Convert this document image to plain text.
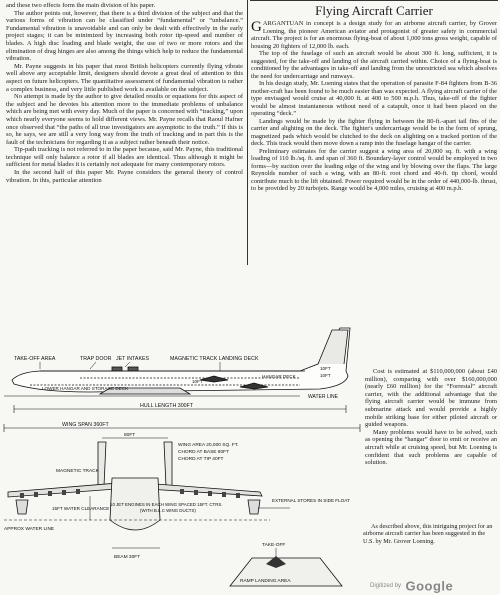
and these two effects form the main division of his paper.

The author points out, however, that there is a third division of the subject and that the various forms of vibration can be classified under “fundamental” or “unbalance.” Fundamental vibration is unavoidable and can only be dealt with effectively in the early project stages; it can be minimized by increasing both rotor tip-speed and number of blades. A high disc loading and blade weight, the use of two or more rotors and the elimination of drag hinges are also among the things which help to reduce the fundamental vibration.

Mr. Payne suggests in his paper that most British helicopters currently flying vibrate well above any acceptable limit, designers should devote a great deal of attention to this aspect on future helicopters. The quantitative assessment of fundamental vibration is rather a complex business, and very little published work is available on the subject.

No attempt is made by the author to give detailed results or equations for this aspect of the subject and he devotes his attention more to the immediate problems of unbalance which are being met with every day. Much of the paper is concerned with “tracking,” upon which nearly everyone seems to hold different views. Mr. Payne recalls that Raoul Hafner once observed that “the paths of all true investigators are asymptotic to the truth.” If this is so, he says, we are still a very long way from the truth of tracking and in part this is the fault of the technicians for regarding it as a subject rather beneath their notice.

Tip-path tracking is not referred to in the paper because, said Mr. Payne, this traditional technique will only balance a rotor if all blades are identical. Thus although it might be sufficient for metal blades it is certainly not adequate for many contemporary rotors.

In the second half of this paper Mr. Payne considers the general theory of control vibration. In this, particular attention

Flying Aircraft Carrier

GARGANTUAN in concept is a design study for an airborne aircraft carrier, by Grover Loening, the pioneer American aviator and protagonist of greater safety in commercial aircraft. The project is for an enormous flying-boat of about 1,000 tons gross weight, capable of housing 20 fighters of 12,000 lb. each.

The top of the fuselage of such an aircraft would be about 300 ft. long, sufficient, it is suggested, for the take-off and landing of the aircraft carried within. Choice of a flying-boat is conditioned by the advantages in take-off and landing from the unrestricted sea which absolves the need for undercarriage and runways.

In his design study, Mr. Loening states that the operation of parasite F-84 fighters from B-36 mother-craft has been found to be much easier than was expected. A flying aircraft carrier of the type envisaged would cruise at 40,000 ft. at 400 to 500 m.p.h. Thus, take-off of the fighter would be almost instantaneous without need of a catapult, once it had been placed on the operating “deck.”

Landings would be made by the fighter flying in between the 80-ft.-apart tail fins of the carrier and alighting on the deck. The fighter's undercarriage would be in the form of sprung, magnetized pads which would be clutched to the deck on alighting on a tracked portion of the deck. This track would then move down a ramp into the fuselage hangar of the carrier.

Preliminary estimates for the carrier suggest a wing area of 20,000 sq. ft. with a wing loading of 110 lb./sq. ft. and span of 360 ft. Boundary-layer control would be employed in two forms—by suction over the leading edge of the wing and by blowing over the flaps. The large Reynolds number of such a wing, with an 80-ft. root chord and 40-ft. tip chord, would contribute much to the lift obtained. Power required would be in the order of 440,000-lb. thrust, to be provided by 20 turbojets. Range would be 4,000 miles, cruising at 400 m.p.h.

Cost is estimated at $110,000,000 (about £40 million), comparing with over $160,000,000 (nearly £60 million) for the “Forrestal” aircraft carrier, with the additional advantage that the flying aircraft carrier would be immune from submarine attack and would provide a highly mobile striking base for either piloted aircraft or guided weapons.

Many problems would have to be solved, such as opening the “hangar” door to emit or receive an aircraft while at cruising speed, but Mr. Loening is confident that such problems are capable of solution.

As described above, this intriguing project for an airborne aircraft carrier has been suggested in the U.S. by Mr. Grover Loening.

TAKE-OFF AREA	TRAP DOOR JET INTAKES	MAGNETIC TRACK LANDING DECK
HANGAR DECK
LOWER HANGAR AND STORAGE DECK
10FT
10FT
10FT
WATER LINE
HULL LENGTH 300FT
WING SPAN 360FT
80FT
MAGNETIC TRACK
15FT WATER CLEARANCE
APPROX WATER LINE
BEAM 30FT
WING AREA 20,000 SQ. FT.
CHORD AT BASE 80FT
CHORD AT TIP 40FT
10 JET ENGINES IN EACH WING SPACED 15FT. CTRS.
(WITH B.L.C WING DUCTS)
EXTERNAL STORES IN SIDE FLOAT
TAKE-OFF
RAMP LANDING AREA
Digitized by Google
